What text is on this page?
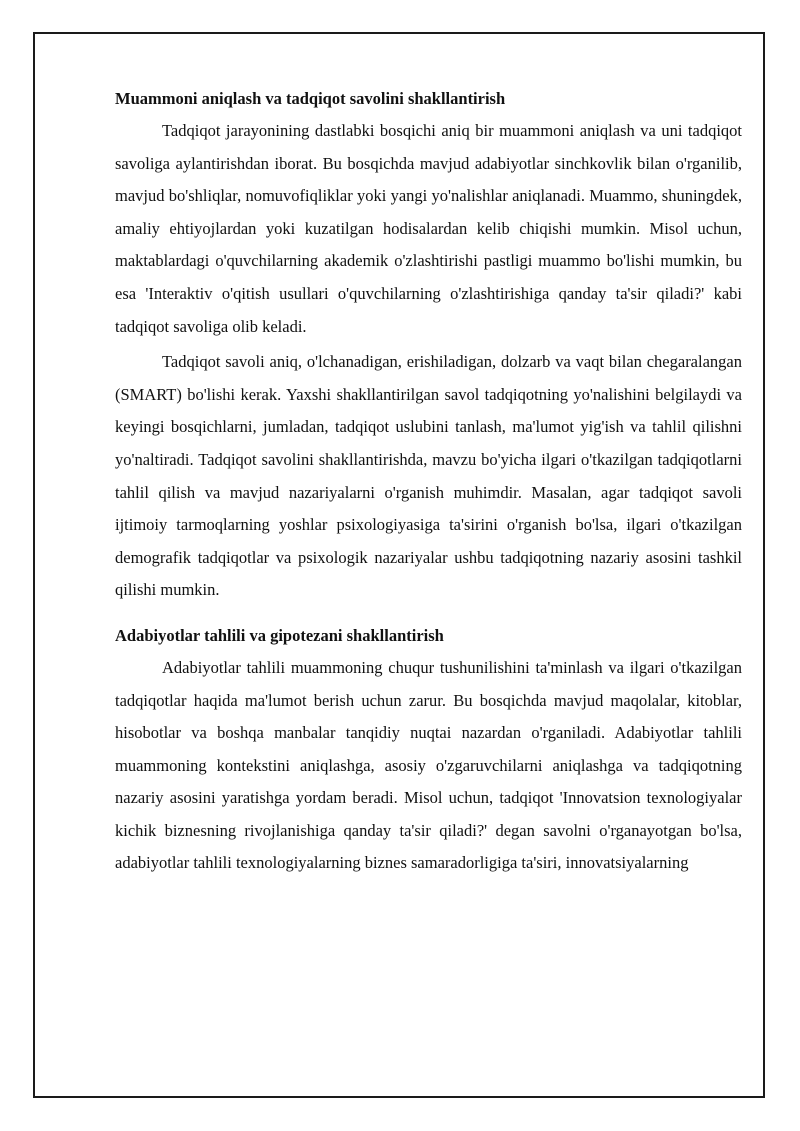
Muammoni aniqlash va tadqiqot savolini shakllantirish

Tadqiqot jarayonining dastlabki bosqichi aniq bir muammoni aniqlash va uni tadqiqot savoliga aylantirishdan iborat. Bu bosqichda mavjud adabiyotlar sinchkovlik bilan o'rganilib, mavjud bo'shliqlar, nomuvofiqliklar yoki yangi yo'nalishlar aniqlanadi. Muammo, shuningdek, amaliy ehtiyojlardan yoki kuzatilgan hodisalardan kelib chiqishi mumkin. Misol uchun, maktablardagi o'quvchilarning akademik o'zlashtirishi pastligi muammo bo'lishi mumkin, bu esa 'Interaktiv o'qitish usullari o'quvchilarning o'zlashtirishiga qanday ta'sir qiladi?' kabi tadqiqot savoliga olib keladi.

Tadqiqot savoli aniq, o'lchanadigan, erishiladigan, dolzarb va vaqt bilan chegaralangan (SMART) bo'lishi kerak. Yaxshi shakllantirilgan savol tadqiqotning yo'nalishini belgilaydi va keyingi bosqichlarni, jumladan, tadqiqot uslubini tanlash, ma'lumot yig'ish va tahlil qilishni yo'naltiradi. Tadqiqot savolini shakllantirishda, mavzu bo'yicha ilgari o'tkazilgan tadqiqotlarni tahlil qilish va mavjud nazariyalarni o'rganish muhimdir. Masalan, agar tadqiqot savoli ijtimoiy tarmoqlarning yoshlar psixologiyasiga ta'sirini o'rganish bo'lsa, ilgari o'tkazilgan demografik tadqiqotlar va psixologik nazariyalar ushbu tadqiqotning nazariy asosini tashkil qilishi mumkin.

Adabiyotlar tahlili va gipotezani shakllantirish

Adabiyotlar tahlili muammoning chuqur tushunilishini ta'minlash va ilgari o'tkazilgan tadqiqotlar haqida ma'lumot berish uchun zarur. Bu bosqichda mavjud maqolalar, kitoblar, hisobotlar va boshqa manbalar tanqidiy nuqtai nazardan o'rganiladi. Adabiyotlar tahlili muammoning kontekstini aniqlashga, asosiy o'zgaruvchilarni aniqlashga va tadqiqotning nazariy asosini yaratishga yordam beradi. Misol uchun, tadqiqot 'Innovatsion texnologiyalar kichik biznesning rivojlanishiga qanday ta'sir qiladi?' degan savolni o'rganayotgan bo'lsa, adabiyotlar tahlili texnologiyalarning biznes samaradorligiga ta'siri, innovatsiyalarning
